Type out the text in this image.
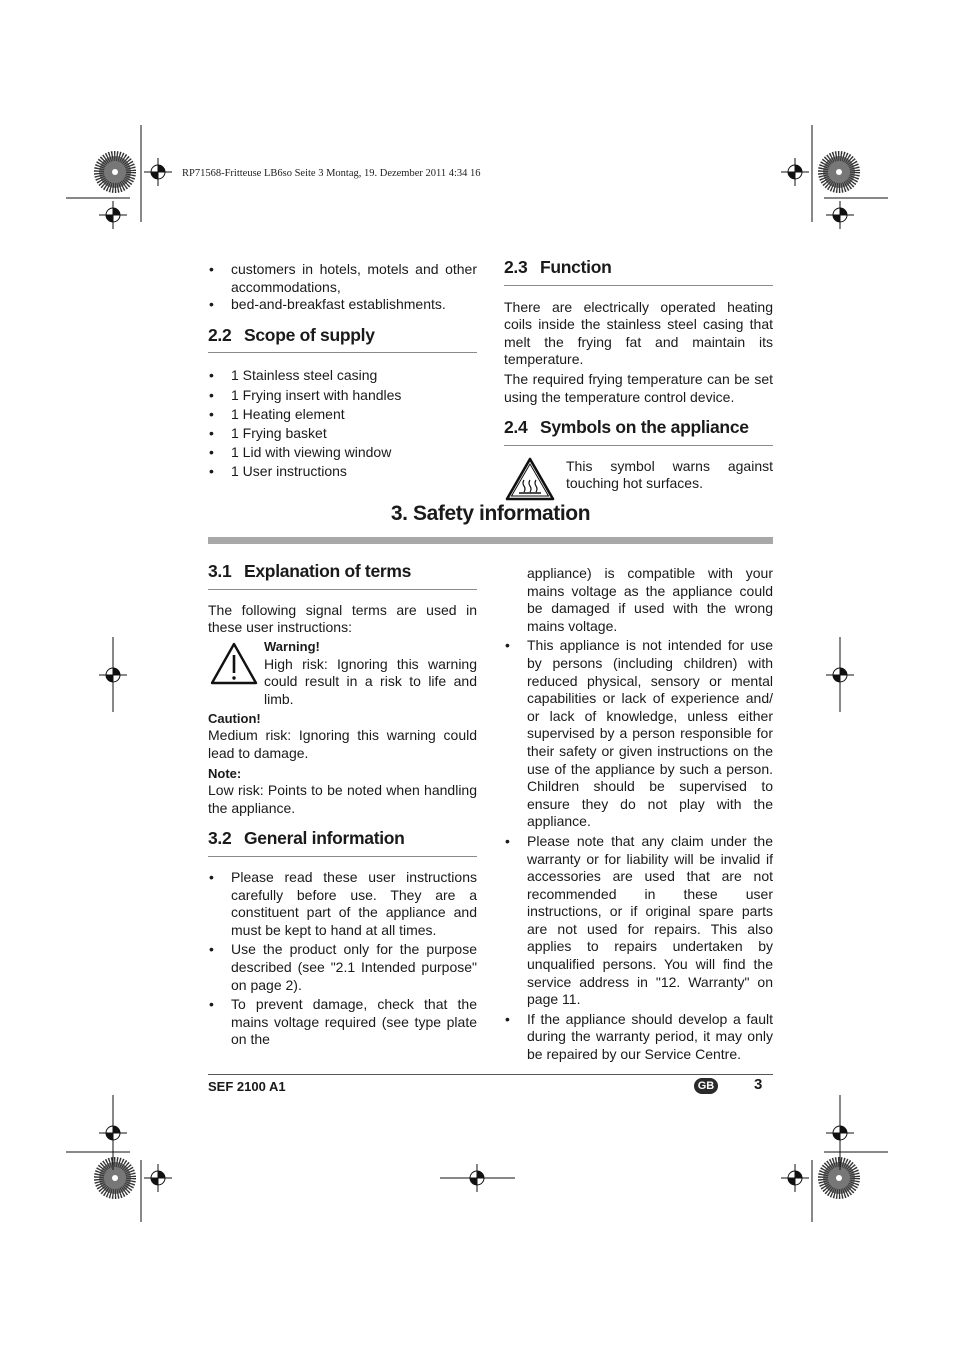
RP71568-Fritteuse LB6so Seite 3 Montag, 19. Dezember 2011 4:34 16
• customers in hotels, motels and other accommodations,
• bed-and-breakfast establishments.
2.2 Scope of supply
• 1 Stainless steel casing
• 1 Frying insert with handles
• 1 Heating element
• 1 Frying basket
• 1 Lid with viewing window
• 1 User instructions
2.3 Function

There are electrically operated heating coils inside the stainless steel casing that melt the frying fat and maintain its temperature.

The required frying temperature can be set using the temperature control device.

2.4 Symbols on the appliance

This symbol warns against touching hot surfaces.

3. Safety information
3.1 Explanation of terms

The following signal terms are used in these user instructions:

Warning!

High risk: Ignoring this warning could result in a risk to life and limb.

Caution!

Medium risk: Ignoring this warning could lead to damage.

Note:

Low risk: Points to be noted when handling the appliance.

3.2 General information
• Please read these user instructions carefully before use. They are a constituent part of the appliance and must be kept to hand at all times.
• Use the product only for the purpose described (see "2.1 Intended purpose" on page 2).
• To prevent damage, check that the mains voltage required (see type plate on the

appliance) is compatible with your mains voltage as the appliance could be damaged if used with the wrong mains voltage.

• This appliance is not intended for use by persons (including children) with reduced physical, sensory or mental capabilities or lack of experience and/ or lack of knowledge, unless either supervised by a person responsible for their safety or given instructions on the use of the appliance by such a person. Children should be supervised to ensure they do not play with the appliance.
• Please note that any claim under the warranty or for liability will be invalid if accessories are used that are not recommended in these user instructions, or if original spare parts are not used for repairs. This also applies to repairs undertaken by unqualified persons. You will find the service address in "12. Warranty" on page 11.
• If the appliance should develop a fault during the warranty period, it may only be repaired by our Service Centre.
SEF 2100 A1	GB	3
